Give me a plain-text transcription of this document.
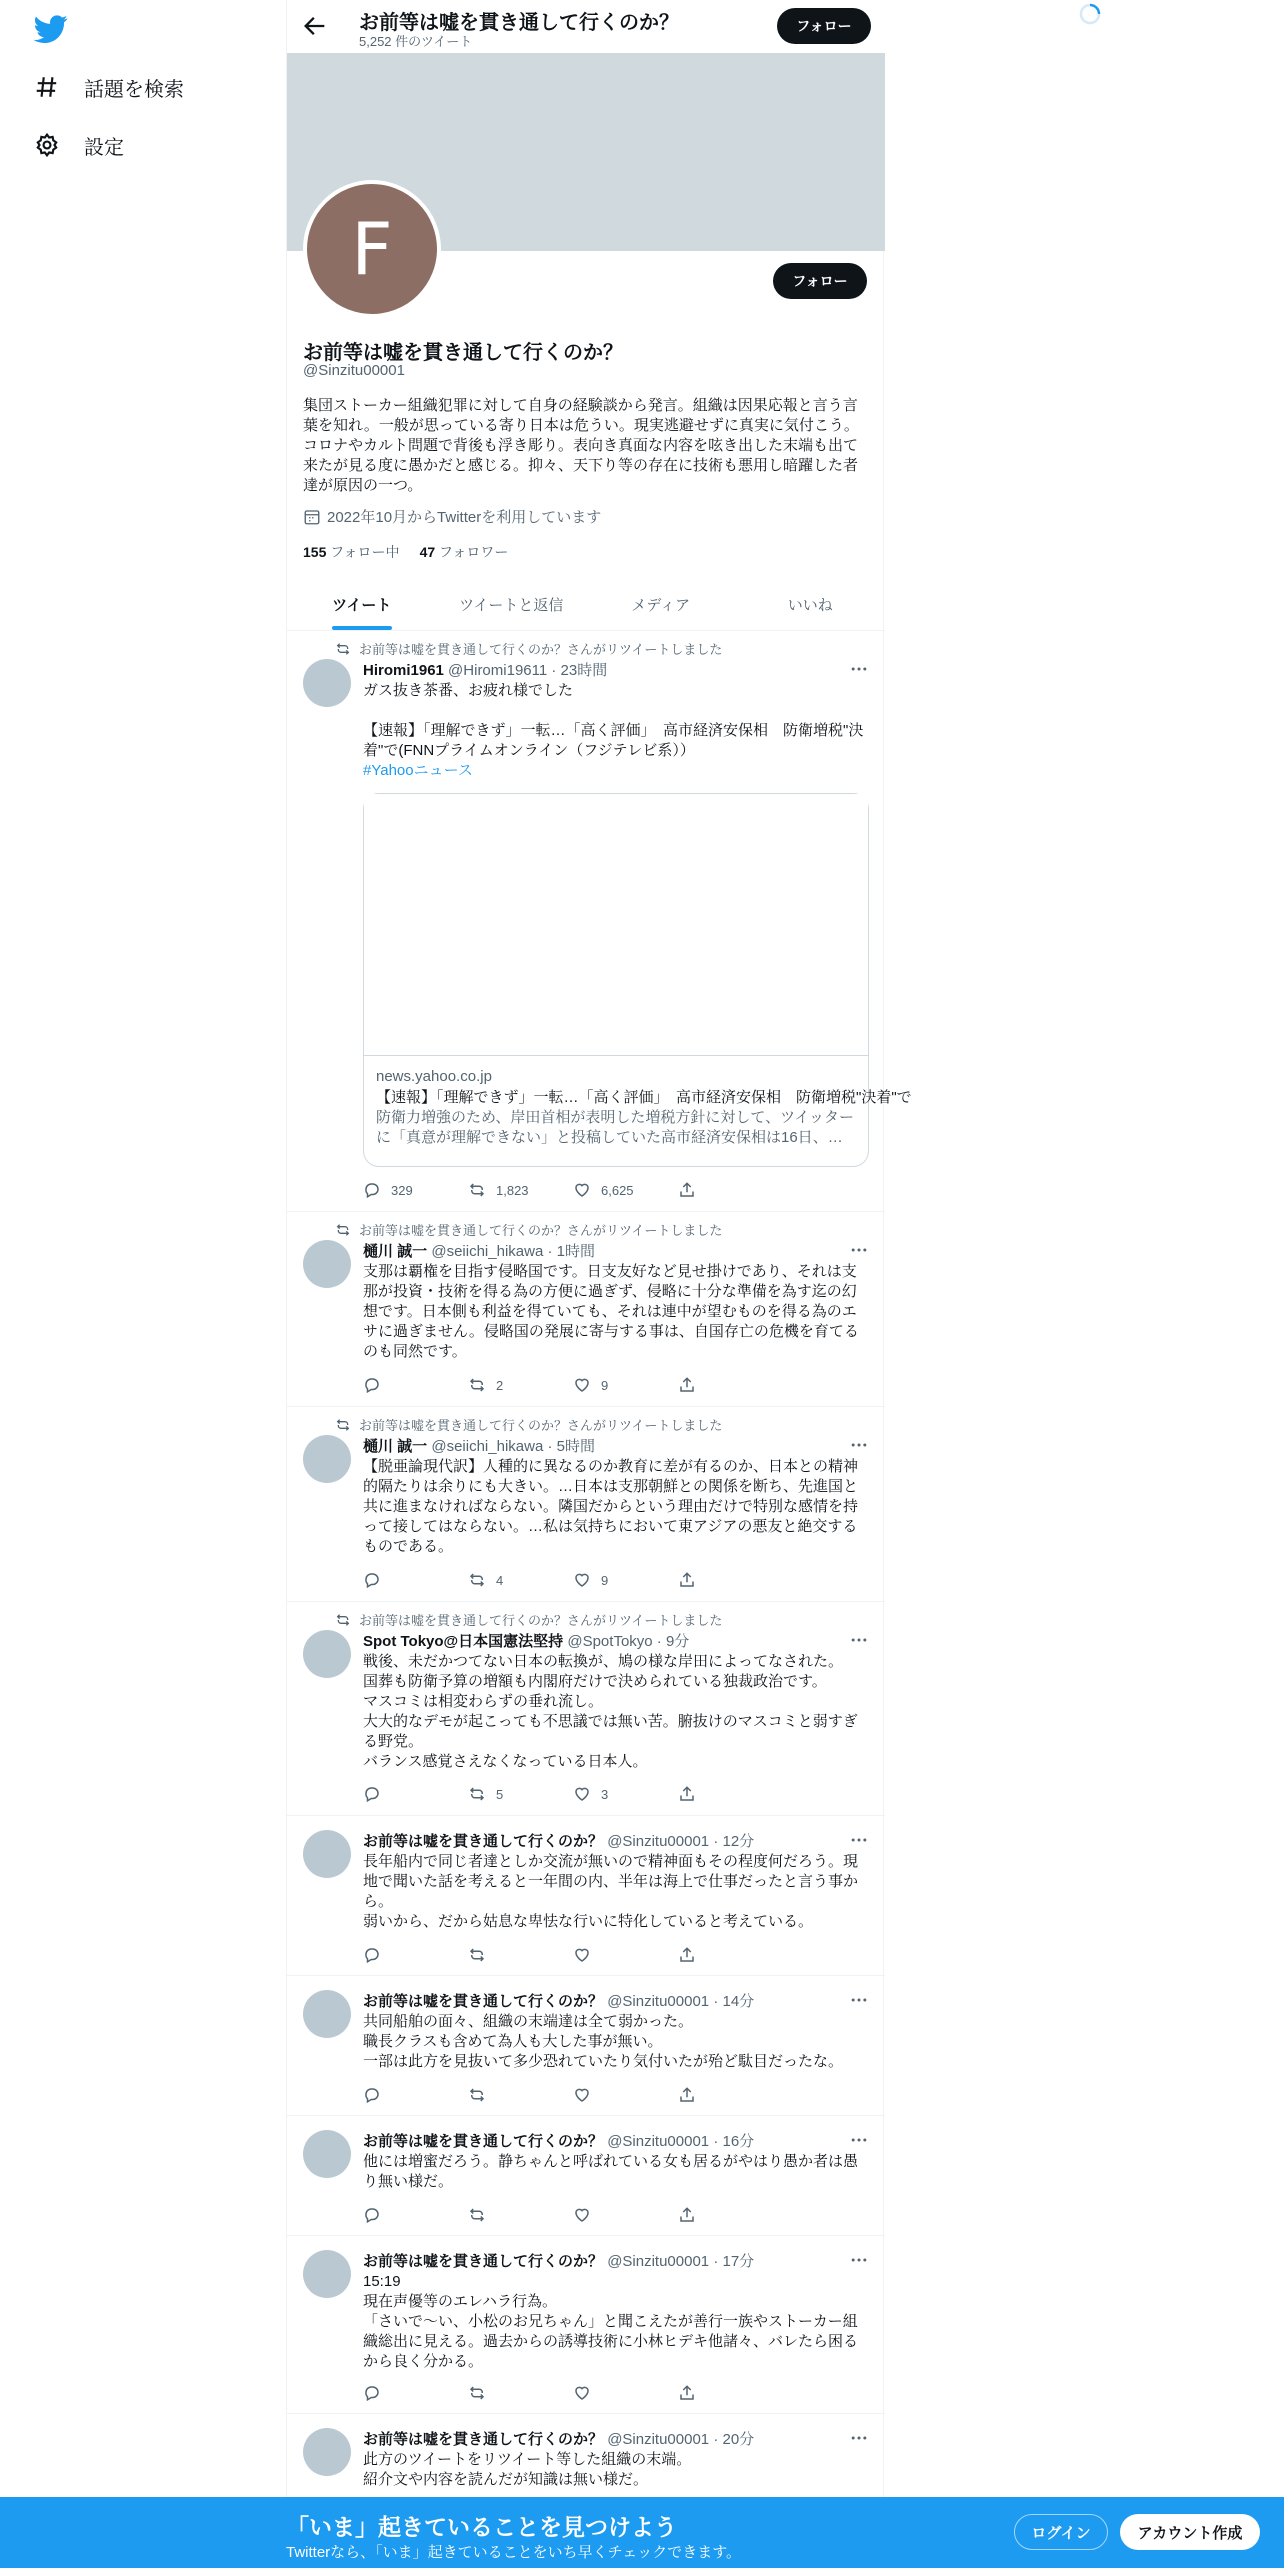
話題を検索
設定
お前等は嘘を貫き通して行くのか？
5,252 件のツイート
フォロー
F	フォロー
お前等は嘘を貫き通して行くのか？
@Sinzitu00001
集団ストーカー組織犯罪に対して自身の経験談から発言。組織は因果応報と言う言葉を知れ。一般が思っている寄り日本は危うい。現実逃避せずに真実に気付こう。コロナやカルト問題で背後も浮き彫り。表向き真面な内容を呟き出した末端も出て来たが見る度に愚かだと感じる。抑々、天下り等の存在に技術も悪用し暗躍した者達が原因の一つ。
2022年10月からTwitterを利用しています
155 フォロー中 47 フォロワー
ツイート	ツイートと返信	メディア	いいね
お前等は嘘を貫き通して行くのか？さんがリツイートしました
Hiromi1961 @Hiromi19611 · 23時間
ガス抜き茶番、お疲れ様でした

【速報】「理解できず」一転…「高く評価」　高市経済安保相　防衛増税"決着"で(FNNプライムオンライン（フジテレビ系））
#Yahooニュース
news.yahoo.co.jp
【速報】「理解できず」一転…「高く評価」　高市経済安保相　防衛増税"決着"で
防衛力増強のため、岸田首相が表明した増税方針に対して、ツイッターに「真意が理解できない」と投稿していた高市経済安保相は16日、…
329	1,823	6,625
お前等は嘘を貫き通して行くのか？さんがリツイートしました
樋川 誠一 @seiichi_hikawa · 1時間
支那は覇権を目指す侵略国です。日支友好など見せ掛けであり、それは支那が投資・技術を得る為の方便に過ぎず、侵略に十分な準備を為す迄の幻想です。日本側も利益を得ていても、それは連中が望むものを得る為のエサに過ぎません。侵略国の発展に寄与する事は、自国存亡の危機を育てるのも同然です。
2	9
お前等は嘘を貫き通して行くのか？さんがリツイートしました
樋川 誠一 @seiichi_hikawa · 5時間
【脱亜論現代訳】人種的に異なるのか教育に差が有るのか、日本との精神的隔たりは余りにも大きい。…日本は支那朝鮮との関係を断ち、先進国と共に進まなければならない。隣国だからという理由だけで特別な感情を持って接してはならない。…私は気持ちにおいて東アジアの悪友と絶交するものである。
4	9
お前等は嘘を貫き通して行くのか？さんがリツイートしました
Spot Tokyo@日本国憲法堅持 @SpotTokyo · 9分
戦後、未だかつてない日本の転換が、鳩の様な岸田によってなされた。
国葬も防衛予算の増額も内閣府だけで決められている独裁政治です。
マスコミは相変わらずの垂れ流し。
大大的なデモが起こっても不思議では無い苦。腑抜けのマスコミと弱すぎる野党。
バランス感覚さえなくなっている日本人。
5	3
お前等は嘘を貫き通して行くのか？ @Sinzitu00001 · 12分
長年船内で同じ者達としか交流が無いので精神面もその程度何だろう。現地で聞いた話を考えると一年間の内、半年は海上で仕事だったと言う事から。
弱いから、だから姑息な卑怯な行いに特化していると考えている。
お前等は嘘を貫き通して行くのか？ @Sinzitu00001 · 14分
共同船舶の面々、組織の末端達は全て弱かった。
職長クラスも含めて為人も大した事が無い。
一部は此方を見抜いて多少恐れていたり気付いたが殆ど駄目だったな。
お前等は嘘を貫き通して行くのか？ @Sinzitu00001 · 16分
他には増蜜だろう。静ちゃんと呼ばれている女も居るがやはり愚か者は愚り無い様だ。
お前等は嘘を貫き通して行くのか？ @Sinzitu00001 · 17分
15:19
現在声優等のエレハラ行為。
「さいで〜い、小松のお兄ちゃん」と聞こえたが善行一族やストーカー組織総出に見える。過去からの誘導技術に小林ヒデキ他諸々、バレたら困るから良く分かる。
お前等は嘘を貫き通して行くのか？ @Sinzitu00001 · 20分
此方のツイートをリツイート等した組織の末端。
紹介文や内容を読んだが知識は無い様だ。
「いま」起きていることを見つけよう
Twitterなら、「いま」起きていることをいち早くチェックできます。
ログイン	アカウント作成
